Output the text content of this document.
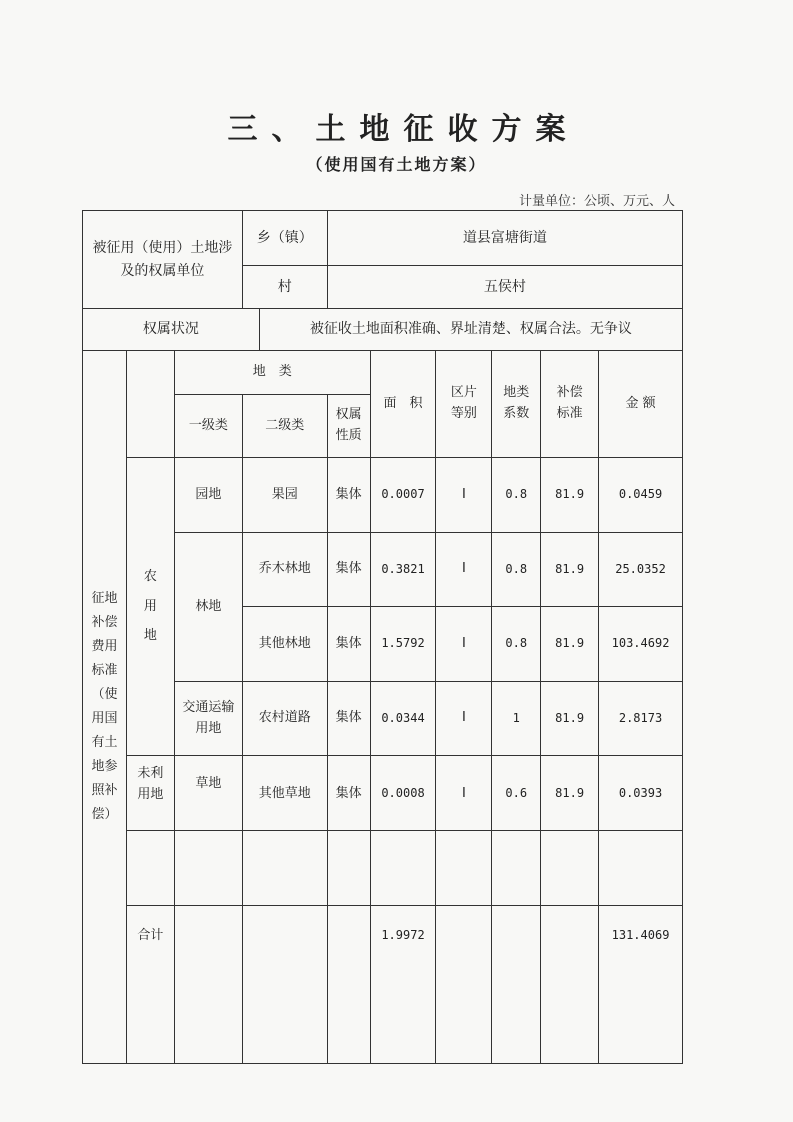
三、土地征收方案
（使用国有土地方案）
计量单位：公顷、万元、人
被征用（使用）土地涉及的权属单位			乡（镇）		道县富塘街道					
			村		五侯村					
权属状况				被征收土地面积准确、界址清楚、权属合法。无争议						

征地补偿费用标准（使用国有土地参照补偿）		地　类				面　积	区片等别	地类系数	补偿标准	金 额
		一级类	二级类		权属性质					

	农用地	园地	果园		集体	0.0007	Ⅰ	0.8	81.9	0.0459
		林地	乔木林地		集体	0.3821	Ⅰ	0.8	81.9	25.0352
			其他林地		集体	1.5792	Ⅰ	0.8	81.9	103.4692

		交通运输用地	农村道路		集体	0.0344	Ⅰ	1	81.9	2.8173

	未利用地	草地	其他草地		集体	0.0008	Ⅰ	0.6	81.9	0.0393

	合计					1.9972				131.4069
